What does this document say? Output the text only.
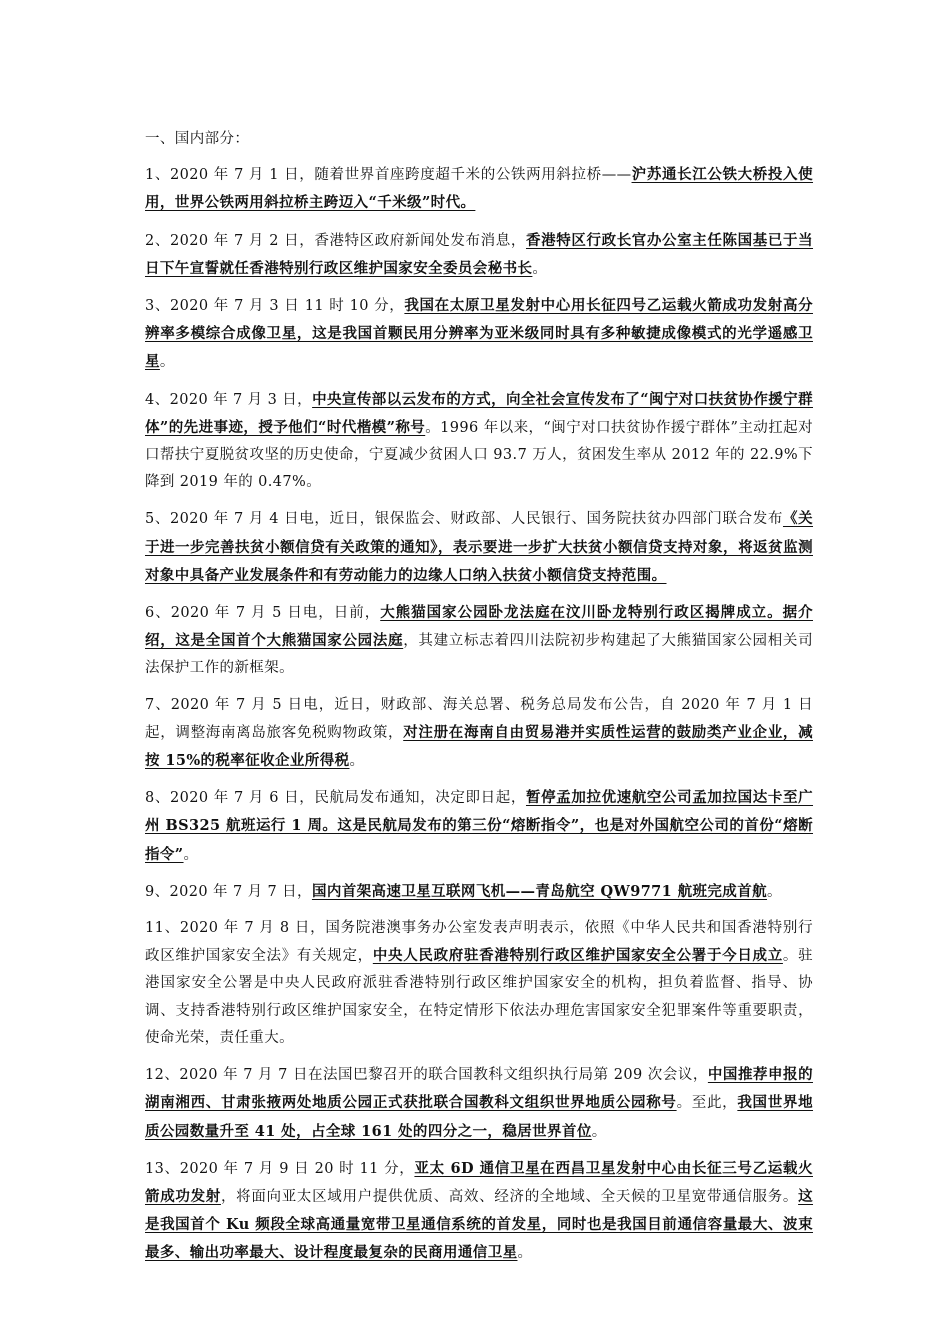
一、国内部分：

1、2020 年 7 月 1 日，随着世界首座跨度超千米的公铁两用斜拉桥——沪苏通长江公铁大桥投入使用，世界公铁两用斜拉桥主跨迈入“千米级”时代。

2、2020 年 7 月 2 日，香港特区政府新闻处发布消息，香港特区行政长官办公室主任陈国基已于当日下午宣誓就任香港特别行政区维护国家安全委员会秘书长。

3、2020 年 7 月 3 日 11 时 10 分，我国在太原卫星发射中心用长征四号乙运载火箭成功发射高分辨率多模综合成像卫星，这是我国首颗民用分辨率为亚米级同时具有多种敏捷成像模式的光学遥感卫星。

4、2020 年 7 月 3 日，中央宣传部以云发布的方式，向全社会宣传发布了“闽宁对口扶贫协作援宁群体”的先进事迹，授予他们“时代楷模”称号。1996 年以来，“闽宁对口扶贫协作援宁群体”主动扛起对口帮扶宁夏脱贫攻坚的历史使命，宁夏减少贫困人口 93.7 万人，贫困发生率从 2012 年的 22.9%下降到 2019 年的 0.47%。

5、2020 年 7 月 4 日电，近日，银保监会、财政部、人民银行、国务院扶贫办四部门联合发布《关于进一步完善扶贫小额信贷有关政策的通知》，表示要进一步扩大扶贫小额信贷支持对象，将返贫监测对象中具备产业发展条件和有劳动能力的边缘人口纳入扶贫小额信贷支持范围。

6、2020 年 7 月 5 日电，日前，大熊猫国家公园卧龙法庭在汶川卧龙特别行政区揭牌成立。据介绍，这是全国首个大熊猫国家公园法庭，其建立标志着四川法院初步构建起了大熊猫国家公园相关司法保护工作的新框架。

7、2020 年 7 月 5 日电，近日，财政部、海关总署、税务总局发布公告，自 2020 年 7 月 1 日起，调整海南离岛旅客免税购物政策，对注册在海南自由贸易港并实质性运营的鼓励类产业企业，减按 15%的税率征收企业所得税。

8、2020 年 7 月 6 日，民航局发布通知，决定即日起，暂停孟加拉优速航空公司孟加拉国达卡至广州 BS325 航班运行 1 周。这是民航局发布的第三份“熔断指令”，也是对外国航空公司的首份“熔断指令”。

9、2020 年 7 月 7 日，国内首架高速卫星互联网飞机——青岛航空 QW9771 航班完成首航。

11、2020 年 7 月 8 日，国务院港澳事务办公室发表声明表示，依照《中华人民共和国香港特别行政区维护国家安全法》有关规定，中央人民政府驻香港特别行政区维护国家安全公署于今日成立。驻港国家安全公署是中央人民政府派驻香港特别行政区维护国家安全的机构，担负着监督、指导、协调、支持香港特别行政区维护国家安全，在特定情形下依法办理危害国家安全犯罪案件等重要职责，使命光荣，责任重大。

12、2020 年 7 月 7 日在法国巴黎召开的联合国教科文组织执行局第 209 次会议，中国推荐申报的湖南湘西、甘肃张掖两处地质公园正式获批联合国教科文组织世界地质公园称号。至此，我国世界地质公园数量升至 41 处，占全球 161 处的四分之一，稳居世界首位。

13、2020 年 7 月 9 日 20 时 11 分，亚太 6D 通信卫星在西昌卫星发射中心由长征三号乙运载火箭成功发射，将面向亚太区域用户提供优质、高效、经济的全地域、全天候的卫星宽带通信服务。这是我国首个 Ku 频段全球高通量宽带卫星通信系统的首发星，同时也是我国目前通信容量最大、波束最多、输出功率最大、设计程度最复杂的民商用通信卫星。
